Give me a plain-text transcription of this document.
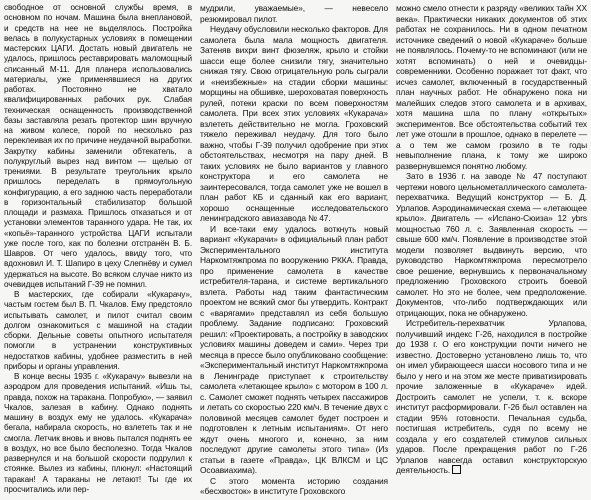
свободное от основной службы время, в основном по ночам. Машина была внеплановой, и средств на нее не выделялось. Постройка велась в полукустарных условиях в помещении мастерских ЦАГИ. Достать новый двигатель не удалось, пришлось реставрировать маломощный списанный М-11. Для планера использовались материалы, уже применявшиеся на других работах. Постоянно не хватало квалифицированных рабочих рук. Слабая техническая оснащенность производственной базы заставляла резать протектор шин вручную на живом колесе, порой по несколько раз переклеивая их по причине неудачной выработки. Закрутку кабины заменили обтекатель, а полукруглый вырез над винтом — щелью от трениями. В результате треугольник крыло пришлось переделать в прямоугольную конфигурацию, а его заднюю часть переработали в горизонтальный стабилизатор большой площади и размаха. Пришлось отказаться и от установки элементов таранного удара. Не так, их «копьё»-таранного устройства ЦАГИ испытали уже после того, как по болезни отстранён В. Б. Шавров. От чего удалось, ввиду того, что вдохновил И. Т. Шапиро в цеху Слепнёву и сумел удержаться на высоте. Во всяком случае никто из очевидцев испытаний Г-39 не помнил.

В мастерских, где собирали «Кукарачу», частым гостем был В. П. Чкалов. Ему предстояло испытывать самолет, и пилот считал своим долгом ознакомиться с машиной на стадии сборки. Дельные советы опытного испытателя помогли в устранении конструктивных недостатков кабины, удобнее разместить в ней приборы и органы управления.

В конце весны 1935 г. «Кукарачу» вывезли на аэродром для проведения испытаний. «Ишь ты, правда, похож на таракана. Попробую», — заявил Чкалов, залезая в кабину. Однако поднять машину в воздух ему не удалось. «Кукарача» бегала, набирала скорость, но взлететь так и не смогла. Летчик вновь и вновь пытался поднять ее в воздух, но все было бесполезно. Тогда Чкалов развернулся и на большой скорости подрулил к стоянке. Вылез из кабины, плюнул: «Настоящий таракан! А тараканы не летают! Ты где их просчитались или пер-

мудрили, уважаемые», — невесело резюмировал пилот.

Неудачу обусловили несколько факторов. Для самолета была мала мощность двигателя. Затеняв вихри винт фюзеляж, крыло и стойки шасси еще более снизили тягу, значительно снижая тягу. Свою отрицательную роль сыграли и «неизбежные» на стадии сборки машины: морщины на обшивке, шероховатая поверхность рулей, потеки краски по всем поверхностям самолета. При всех этих условиях «Кукарача» взлететь действительно не могла. Гроховский тяжело переживал неудачу. Для того было важно, чтобы Г-39 получил одобрение при этих обстоятельствах, несмотря на пару дней. В таких условиях не было вариантов у главного конструктора и его самолета не заинтересовался, тогда самолет уже не вошел в план работ КБ и сданный как его вариант, хорошо оснащенные исследовательского ленинградского авиазавода № 47.

И все-таки ему удалось воткнуть новый вариант «Кукарачи» в официальный план работ Экспериментального института Наркомтяжпрома по вооружению РККА. Правда, про применение самолета в качестве истребителя-тарана, и системе вертикального взлета. Работы над таким фантастическим проектом не всякий смог бы утвердить. Контракт с «варягами» представлял из себя большую проблему. Задание подписано: Гроховский решил: «Проектировать, а постройку в заводских условиях машины доведем и сами». Через три месяца в прессе было опубликовано сообщение: «Экспериментальный институт Наркомтяжпрома в Ленинграде приступает к строительству самолета «летающее крыло» с мотором в 100 л. с. Самолет сможет поднять четырех пассажиров и летать со скоростью 220 км/ч. В течение двух с половиной месяцев самолет будет построен и подготовлен к летным испытаниям». От него ждут очень многого и, конечно, за ним последуют другие самолеты этого типа» (Из статьи в газете «Правда», ЦК ВЛКСМ и ЦС Осоавиахима).

С этого момента историю создания «бесхвосток» в институте Гроховского

можно смело отнести к разряду «великих тайн XX века». Практически никаких документов об этих работах не сохранилось. Ни в одном печатном источнике сведений о новой «Кукараче» больше не появлялось. Почему-то не вспоминают (или не хотят вспоминать) о ней и очевидцы-современники. Особенно поражает тот факт, что исчез самолет, включенный в государственный план научных работ. Не обнаружено пока ни малейших следов этого самолета и в архивах, хотя машина шла по плану «открытых» экспериментов. Все обстоятельства событий тех лет уже отошли в прошлое, однако в перелете — а о тем же самом грозило в те годы невыполнение плана, к тому же широко развернувшемся понятно любому.

Зато в 1936 г. на заводе № 47 поступают чертежи нового цельнометаллического самолета-перехватчика. Ведущий конструктор — Б. Д. Урлапов. Аэродинамическая схема — «летающее крыло». Двигатель — «Испано-Сюиза» 12 ybrs мощностью 760 л. с. Заявленная скорость — свыше 600 км/ч. Появление в производстве этой модели позволяет выдвинуть версию, что руководство Наркомтяжпрома пересмотрело свое решение, вернувшись к первоначальному предложению Гроховского строить боевой самолет. Но это не более, чем предположение. Документов, что-либо подтверждающих или отрицающих, пока не обнаружено.

Истребитель-перехватчик Урлапова, получивший индекс Г-26, находился в постройке до 1938 г. О его конструкции почти ничего не известно. Достоверно установлено лишь то, что он имел убирающееся шасси носового типа и не было у него и на этом же месте приватизировать прочие заложенные в «Кукараче» идей. Достроить самолет не успели, т. к. вскоре институт расформировали. Г-26 был оставлен на стадии 95% готовности. Печальная судьба, постигшая истребитель, судя по всему не создала у его создателей стимулов сильных ударов. После прекращения работ по Г-26 Урлапов навсегда оставил конструкторскую деятельность.
